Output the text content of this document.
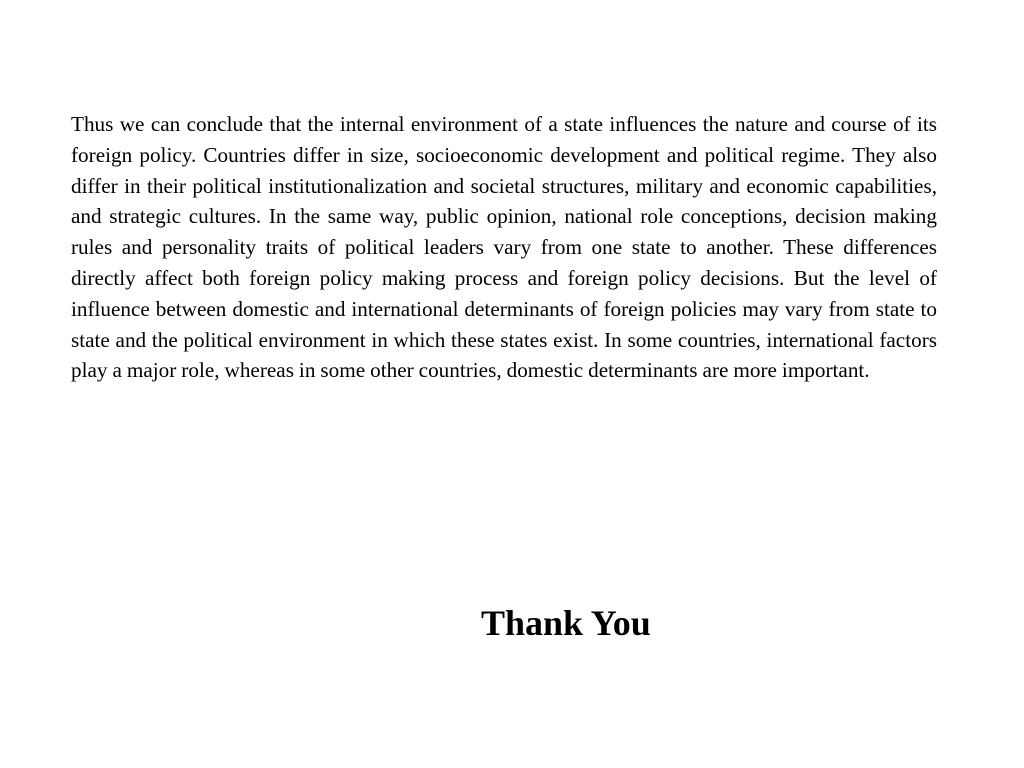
Thus we can conclude that the internal environment of a state influences the nature and course of its foreign policy. Countries differ in size, socioeconomic development and political regime. They also differ in their political institutionalization and societal structures, military and economic capabilities, and strategic cultures. In the same way, public opinion, national role conceptions, decision making rules and personality traits of political leaders vary from one state to another. These differences directly affect both foreign policy making process and foreign policy decisions. But the level of influence between domestic and international determinants of foreign policies may vary from state to state and the political environment in which these states exist. In some countries, international factors play a major role, whereas in some other countries, domestic determinants are more important.

Thank You
